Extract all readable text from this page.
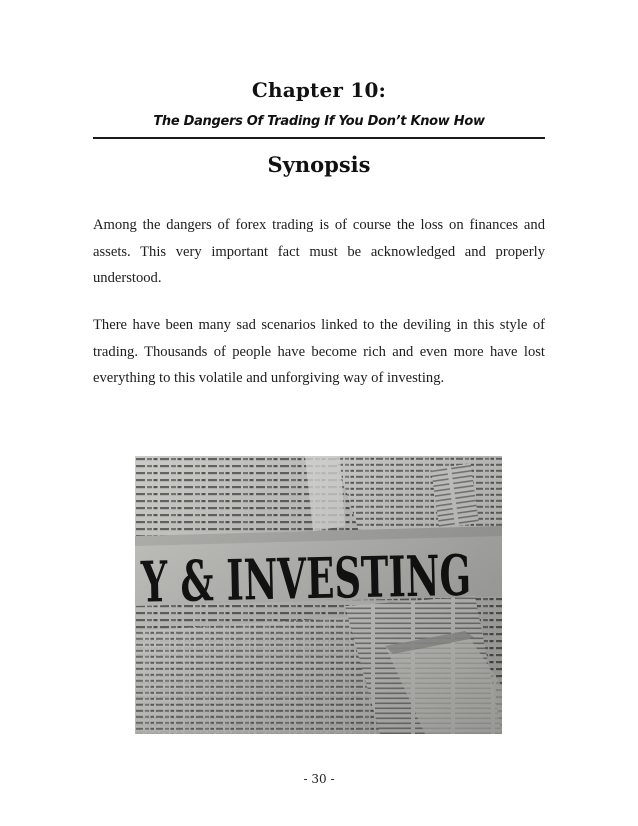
Chapter 10:
The Dangers Of Trading If You Don’t Know How
Synopsis

Among the dangers of forex trading is of course the loss on finances and assets. This very important fact must be acknowledged and properly understood.

There have been many sad scenarios linked to the deviling in this style of trading. Thousands of people have become rich and even more have lost everything to this volatile and unforgiving way of investing.

- 30 -
